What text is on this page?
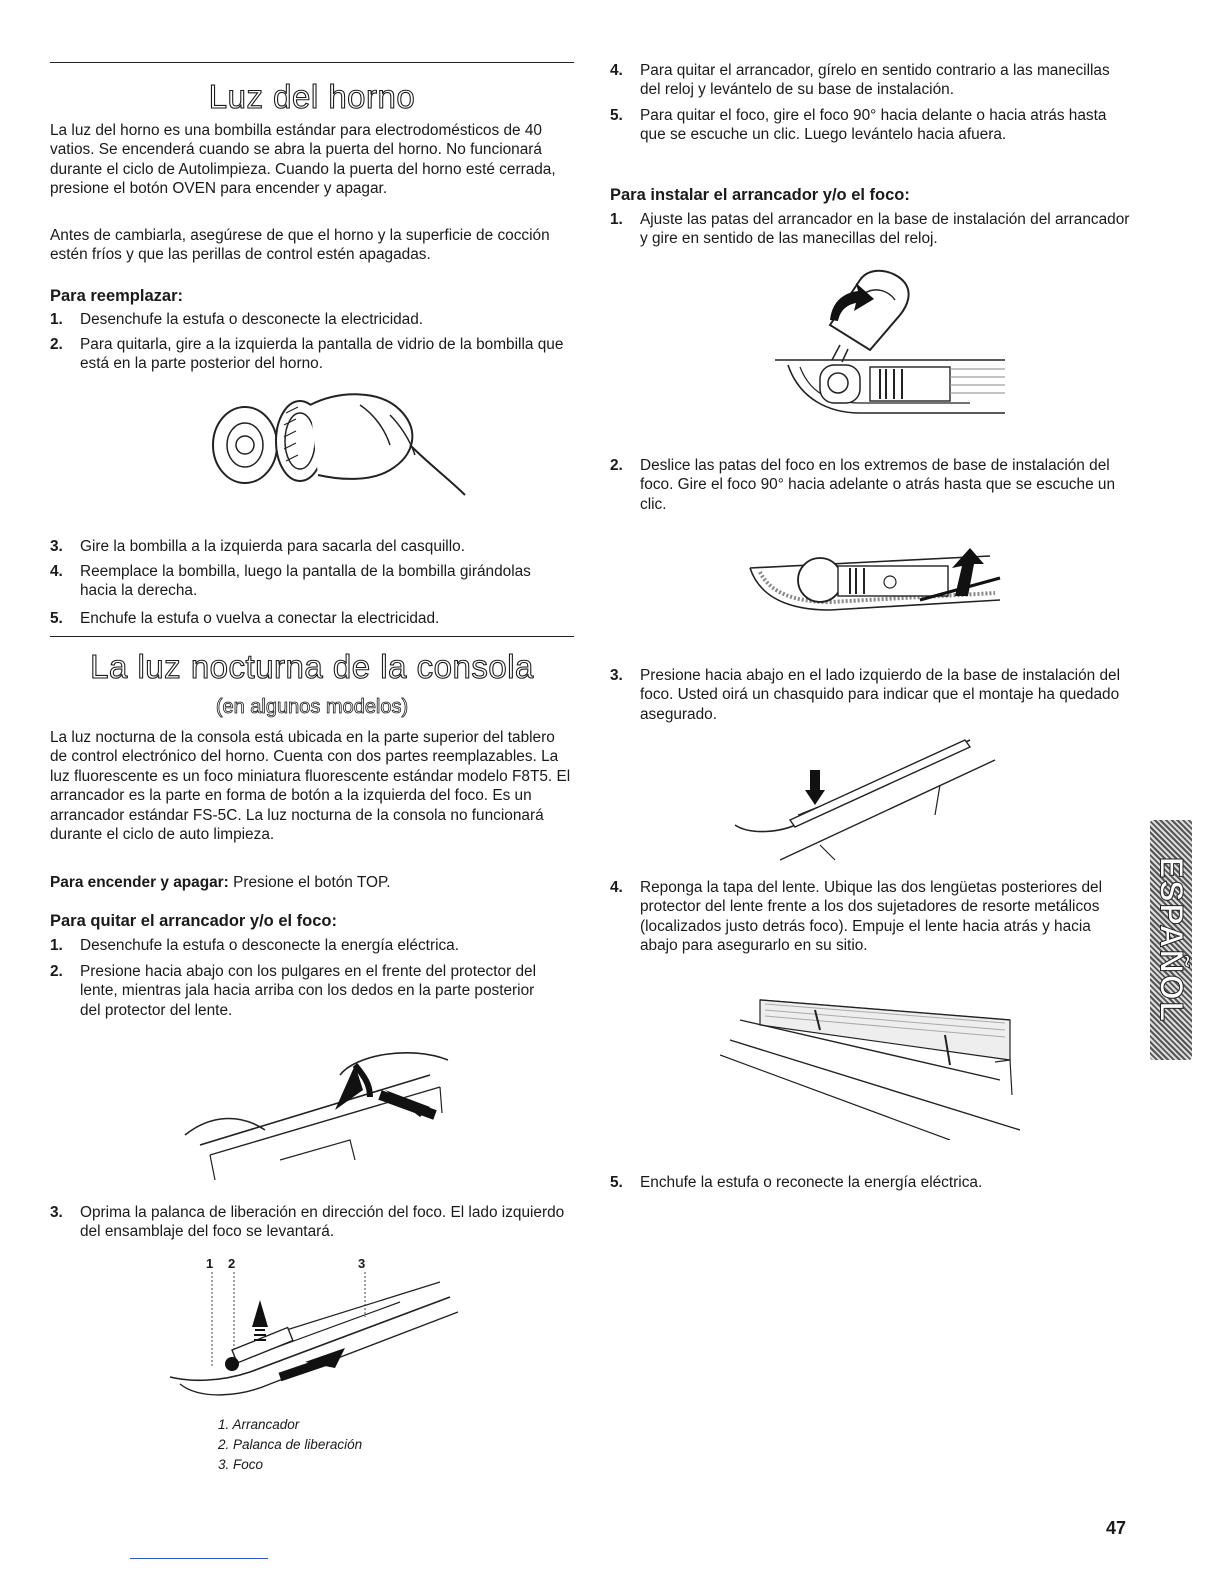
Luz del horno

La luz del horno es una bombilla estándar para electrodomésticos de 40 vatios. Se encenderá cuando se abra la puerta del horno. No funcionará durante el ciclo de Autolimpieza. Cuando la puerta del horno esté cerrada, presione el botón OVEN para encender y apagar.

Antes de cambiarla, asegúrese de que el horno y la superficie de cocción estén fríos y que las perillas de control estén apagadas.

Para reemplazar:
1. Desenchufe la estufa o desconecte la electricidad.
2. Para quitarla, gire a la izquierda la pantalla de vidrio de la bombilla que está en la parte posterior del horno.
3. Gire la bombilla a la izquierda para sacarla del casquillo.
4. Reemplace la bombilla, luego la pantalla de la bombilla girándolas hacia la derecha.
5. Enchufe la estufa o vuelva a conectar la electricidad.
La luz nocturna de la consola
(en algunos modelos)

La luz nocturna de la consola está ubicada en la parte superior del tablero de control electrónico del horno. Cuenta con dos partes reemplazables. La luz fluorescente es un foco miniatura fluorescente estándar modelo F8T5. El arrancador es la parte en forma de botón a la izquierda del foco. Es un arrancador estándar FS-5C. La luz nocturna de la consola no funcionará durante el ciclo de auto limpieza.

Para encender y apagar: Presione el botón TOP.
Para quitar el arrancador y/o el foco:
1. Desenchufe la estufa o desconecte la energía eléctrica.
2. Presione hacia abajo con los pulgares en el frente del protector del lente, mientras jala hacia arriba con los dedos en la parte posterior del protector del lente.
3. Oprima la palanca de liberación en dirección del foco. El lado izquierdo del ensamblaje del foco se levantará.
1 2	3
1. Arrancador
2. Palanca de liberación
3. Foco
4. Para quitar el arrancador, gírelo en sentido contrario a las manecillas del reloj y levántelo de su base de instalación.
5. Para quitar el foco, gire el foco 90° hacia delante o hacia atrás hasta que se escuche un clic. Luego levántelo hacia afuera.
Para instalar el arrancador y/o el foco:
1. Ajuste las patas del arrancador en la base de instalación del arrancador y gire en sentido de las manecillas del reloj.
2. Deslice las patas del foco en los extremos de base de instalación del foco. Gire el foco 90° hacia adelante o atrás hasta que se escuche un clic.
3. Presione hacia abajo en el lado izquierdo de la base de instalación del foco. Usted oirá un chasquido para indicar que el montaje ha quedado asegurado.
4. Reponga la tapa del lente. Ubique las dos lengüetas posteriores del protector del lente frente a los dos sujetadores de resorte metálicos (localizados justo detrás foco). Empuje el lente hacia atrás y hacia abajo para asegurarlo en su sitio.
5. Enchufe la estufa o reconecte la energía eléctrica.
ESPAÑOL
47
